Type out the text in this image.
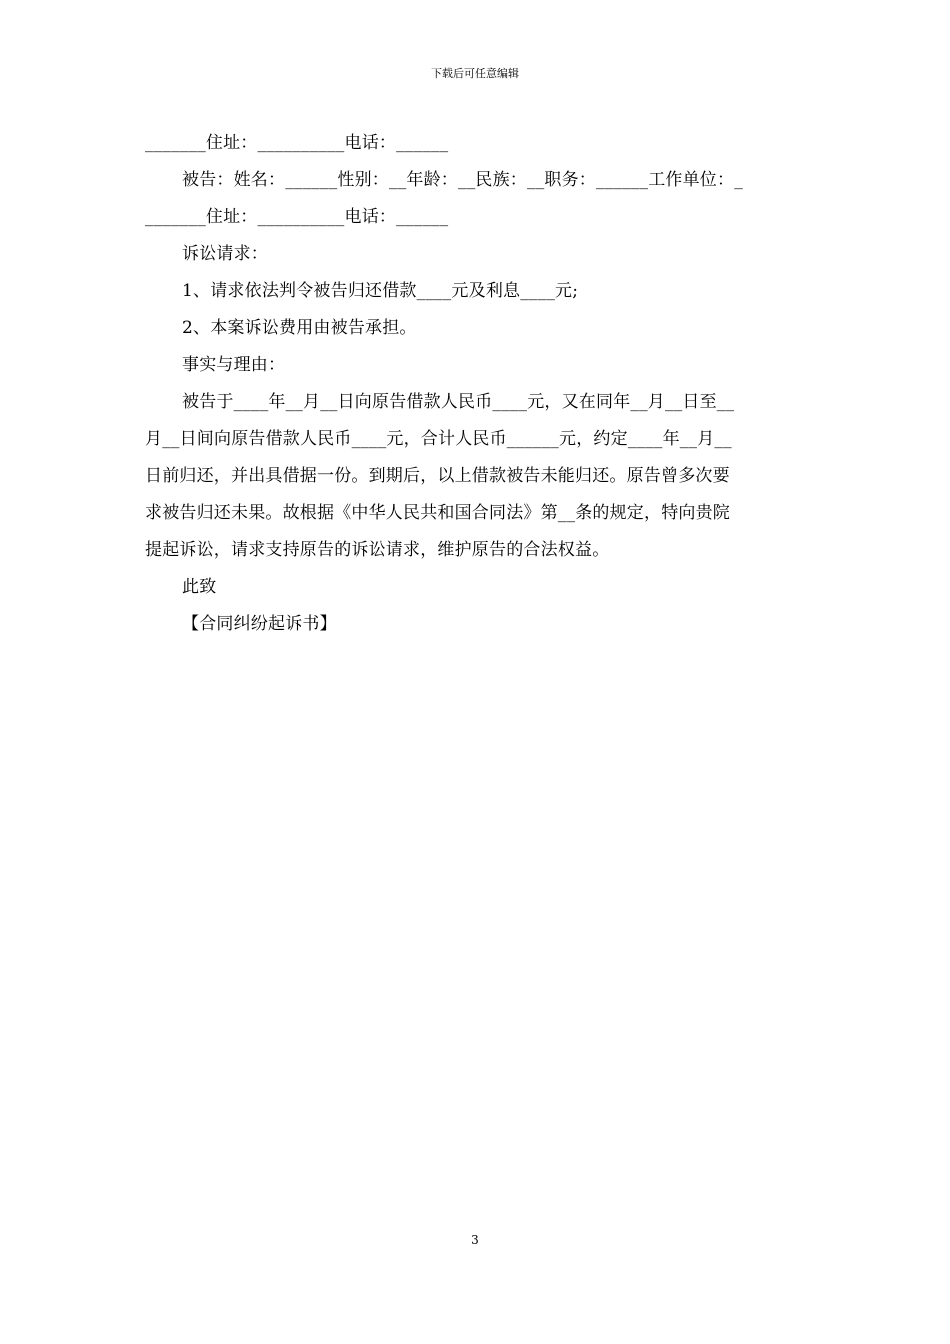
下载后可任意编辑
_______住址：__________电话：______
被告：姓名：______性别：__年龄：__民族：__职务：______工作单位：_
_______住址：__________电话：______
诉讼请求：
1、请求依法判令被告归还借款____元及利息____元;
2、本案诉讼费用由被告承担。
事实与理由：
被告于____年__月__日向原告借款人民币____元，又在同年__月__日至__
月__日间向原告借款人民币____元，合计人民币______元，约定____年__月__
日前归还，并出具借据一份。到期后，以上借款被告未能归还。原告曾多次要
求被告归还未果。故根据《中华人民共和国合同法》第__条的规定，特向贵院
提起诉讼，请求支持原告的诉讼请求，维护原告的合法权益。
此致
【合同纠纷起诉书】
3
